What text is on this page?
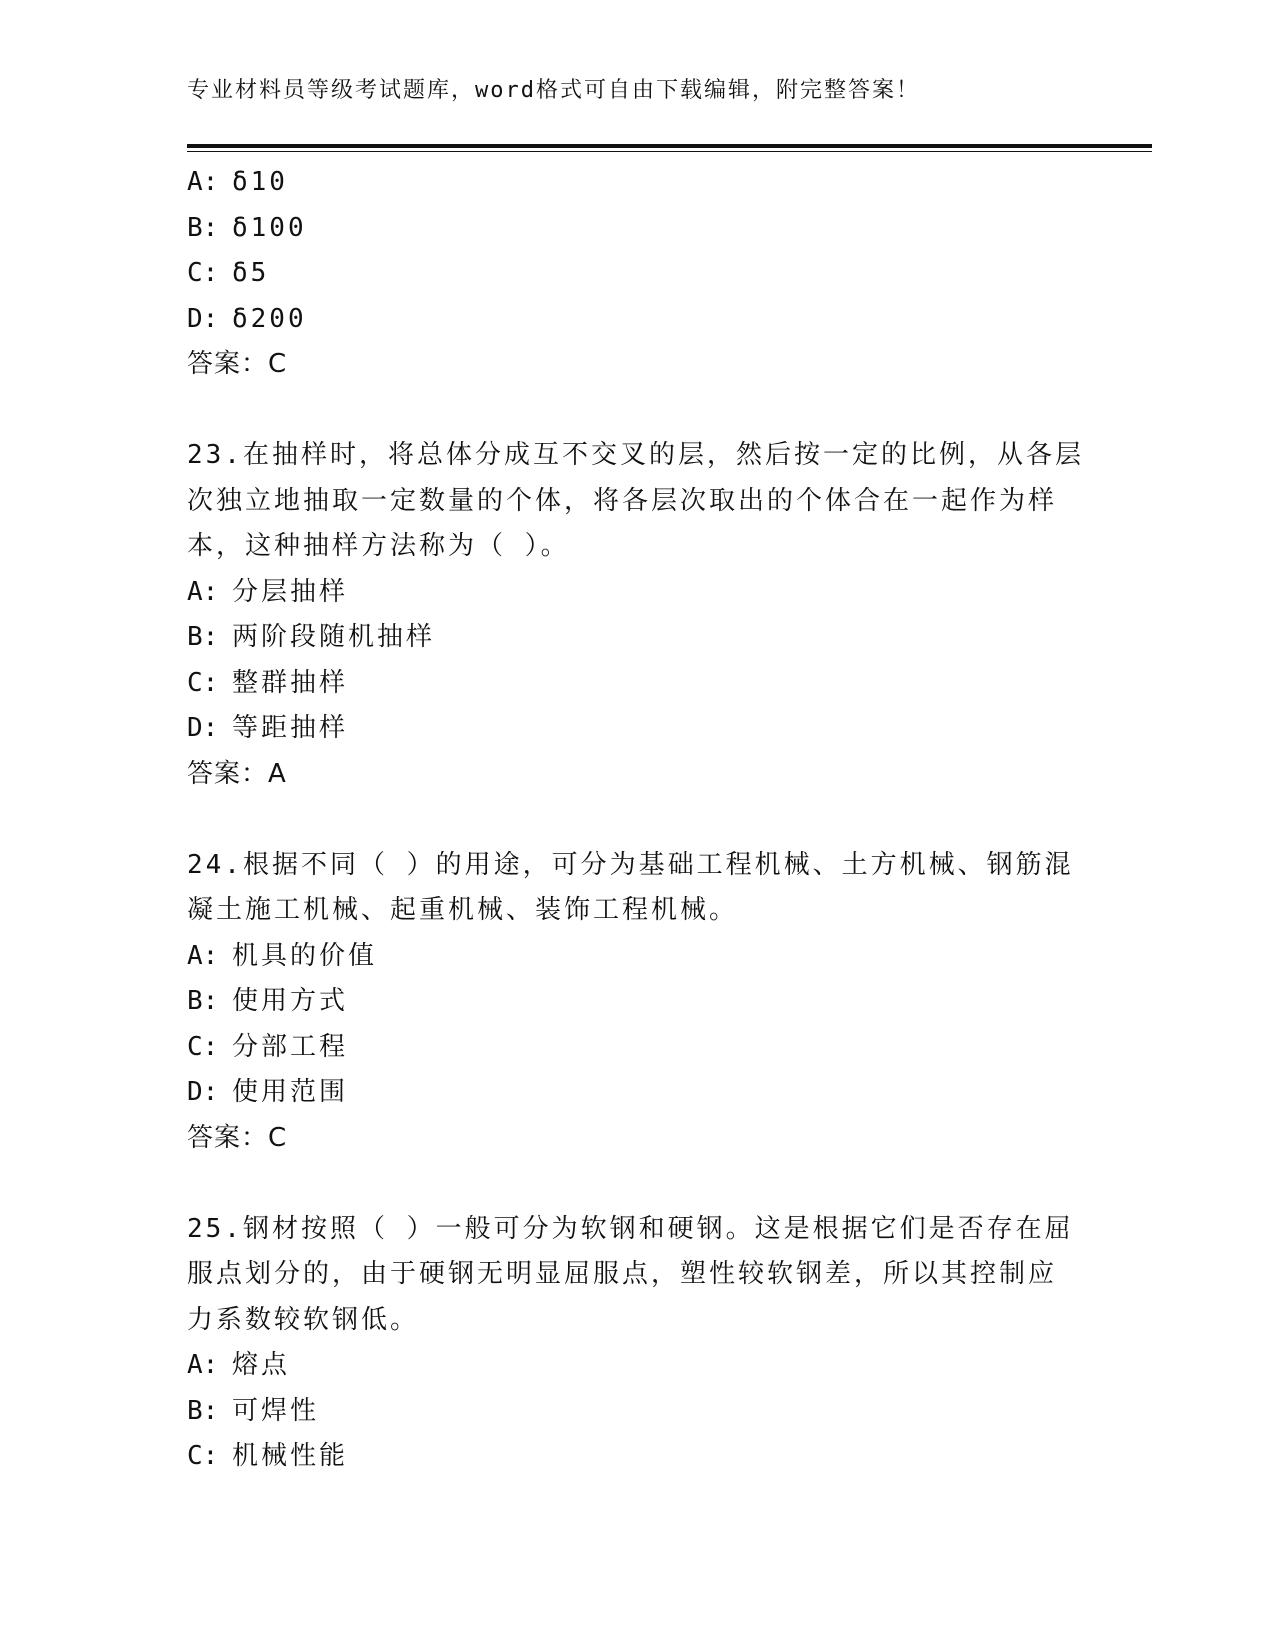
专业材料员等级考试题库，word格式可自由下载编辑，附完整答案！
A: δ10
B: δ100
C: δ5
D: δ200
答案：C
23.在抽样时，将总体分成互不交叉的层，然后按一定的比例，从各层
次独立地抽取一定数量的个体，将各层次取出的个体合在一起作为样
本，这种抽样方法称为（ ）。
A: 分层抽样
B: 两阶段随机抽样
C: 整群抽样
D: 等距抽样
答案：A
24.根据不同（ ）的用途，可分为基础工程机械、土方机械、钢筋混
凝土施工机械、起重机械、装饰工程机械。
A: 机具的价值
B: 使用方式
C: 分部工程
D: 使用范围
答案：C
25.钢材按照（ ）一般可分为软钢和硬钢。这是根据它们是否存在屈
服点划分的，由于硬钢无明显屈服点，塑性较软钢差，所以其控制应
力系数较软钢低。
A: 熔点
B: 可焊性
C: 机械性能
